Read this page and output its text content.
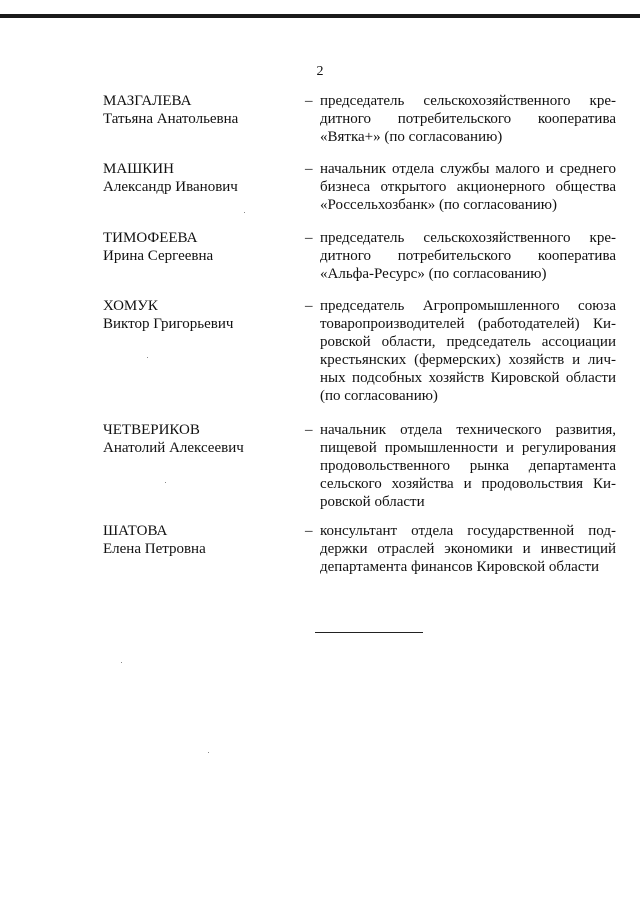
2
МАЗГАЛЕВА
Татьяна Анатольевна
– председатель сельскохозяйственного кредитного потребительского кооператива «Вятка+» (по согласованию)
МАШКИН
Александр Иванович
– начальник отдела службы малого и среднего бизнеса открытого акционерного общества «Россельхозбанк» (по согласованию)
ТИМОФЕЕВА
Ирина Сергеевна
– председатель сельскохозяйственного кредитного потребительского кооператива «Альфа-Ресурс» (по согласованию)
ХОМУК
Виктор Григорьевич
– председатель Агропромышленного союза товаропроизводителей (работодателей) Кировской области, председатель ассоциации крестьянских (фермерских) хозяйств и личных подсобных хозяйств Кировской области (по согласованию)
ЧЕТВЕРИКОВ
Анатолий Алексеевич
– начальник отдела технического развития, пищевой промышленности и регулирования продовольственного рынка департамента сельского хозяйства и продовольствия Кировской области
ШАТОВА
Елена Петровна
– консультант отдела государственной поддержки отраслей экономики и инвестиций департамента финансов Кировской области
